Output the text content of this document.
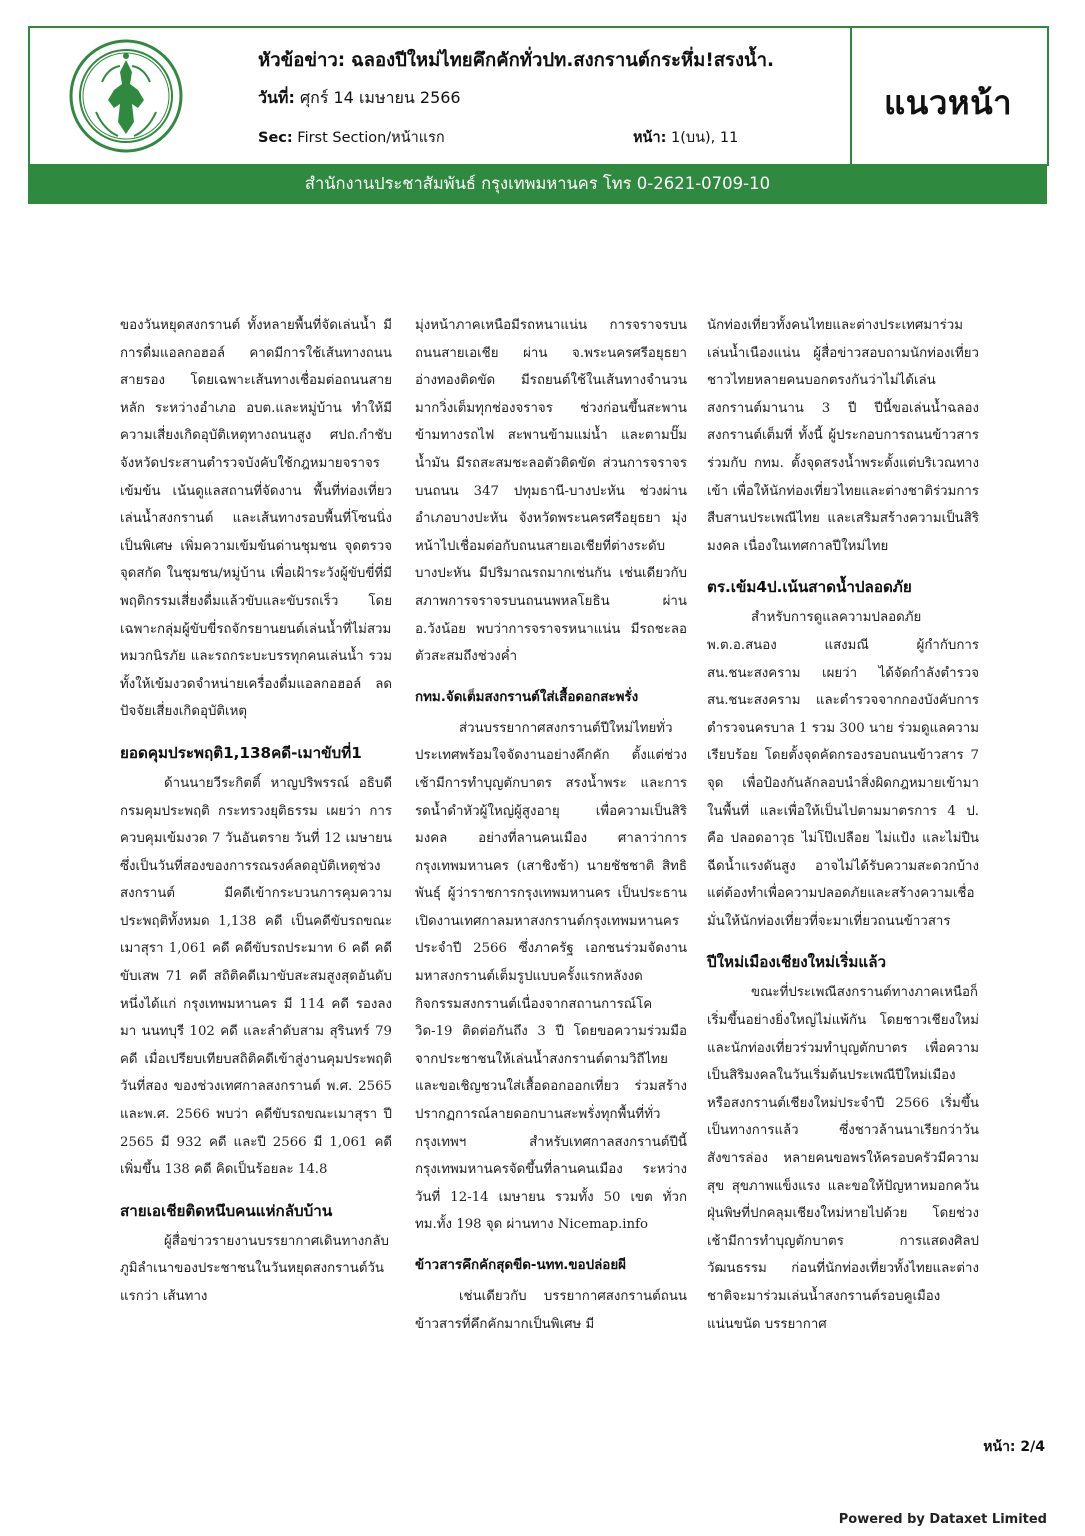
หัวข้อข่าว: ฉลองปีใหม่ไทยคึกคักทั่วปท.สงกรานต์กระหึ่ม!สรงน้ำ.
วันที่: ศุกร์ 14 เมษายน 2566
Sec: First Section/หน้าแรก	หน้า: 1(บน), 11
แนวหน้า
สำนักงานประชาสัมพันธ์ กรุงเทพมหานคร โทร 0-2621-0709-10

ของวันหยุดสงกรานต์ ทั้งหลายพื้นที่จัดเล่นน้ำ มีการดื่มแอลกอฮอล์ คาดมีการใช้เส้นทางถนนสายรอง โดยเฉพาะเส้นทางเชื่อมต่อถนนสายหลัก ระหว่างอำเภอ อบต.และหมู่บ้าน ทำให้มีความเสี่ยงเกิดอุบัติเหตุทางถนนสูง ศปถ.กำชับจังหวัดประสานตำรวจบังคับใช้กฎหมายจราจรเข้มข้น เน้นดูแลสถานที่จัดงาน พื้นที่ท่องเที่ยว เล่นน้ำสงกรานต์ และเส้นทางรอบพื้นที่โซนนิ่งเป็นพิเศษ เพิ่มความเข้มข้นด่านชุมชน จุดตรวจ จุดสกัด ในชุมชน/หมู่บ้าน เพื่อเฝ้าระวังผู้ขับขี่ที่มีพฤติกรรมเสี่ยงดื่มแล้วขับและขับรถเร็ว โดยเฉพาะกลุ่มผู้ขับขี่รถจักรยานยนต์เล่นน้ำที่ไม่สวมหมวกนิรภัย และรถกระบะบรรทุกคนเล่นน้ำ รวมทั้งให้เข้มงวดจำหน่ายเครื่องดื่มแอลกอฮอล์ ลดปัจจัยเสี่ยงเกิดอุบัติเหตุ

ยอดคุมประพฤติ1,138คดี-เมาขับที่1

ด้านนายวีระกิตติ์ หาญปริพรรณ์ อธิบดีกรมคุมประพฤติ กระทรวงยุติธรรม เผยว่า การควบคุมเข้มงวด 7 วันอันตราย วันที่ 12 เมษายน ซึ่งเป็นวันที่สองของการรณรงค์ลดอุบัติเหตุช่วงสงกรานต์ มีคดีเข้ากระบวนการคุมความประพฤติทั้งหมด 1,138 คดี เป็นคดีขับรถขณะเมาสุรา 1,061 คดี คดีขับรถประมาท 6 คดี คดีขับเสพ 71 คดี สถิติคดีเมาขับสะสมสูงสุดอันดับหนึ่งได้แก่ กรุงเทพมหานคร มี 114 คดี รองลงมา นนทบุรี 102 คดี และลำดับสาม สุรินทร์ 79 คดี เมื่อเปรียบเทียบสถิติคดีเข้าสู่งานคุมประพฤติวันที่สอง ของช่วงเทศกาลสงกรานต์ พ.ศ. 2565 และพ.ศ. 2566 พบว่า คดีขับรถขณะเมาสุรา ปี 2565 มี 932 คดี และปี 2566 มี 1,061 คดี เพิ่มขึ้น 138 คดี คิดเป็นร้อยละ 14.8

สายเอเชียติดหนึบคนแห่กลับบ้าน

ผู้สื่อข่าวรายงานบรรยากาศเดินทางกลับภูมิลำเนาของประชาชนในวันหยุดสงกรานต์วันแรกว่า เส้นทาง

มุ่งหน้าภาคเหนือมีรถหนาแน่น การจราจรบนถนนสายเอเชีย ผ่าน จ.พระนครศรีอยุธยา อ่างทองติดขัด มีรถยนต์ใช้ในเส้นทางจำนวนมากวิ่งเต็มทุกช่องจราจร ช่วงก่อนขึ้นสะพานข้ามทางรถไฟ สะพานข้ามแม่น้ำ และตามปั๊มน้ำมัน มีรถสะสมชะลอตัวติดขัด ส่วนการจราจรบนถนน 347 ปทุมธานี-บางปะหัน ช่วงผ่าน อำเภอบางปะหัน จังหวัดพระนครศรีอยุธยา มุ่งหน้าไปเชื่อมต่อกับถนนสายเอเชียที่ต่างระดับบางปะหัน มีปริมาณรถมากเช่นกัน เช่นเดียวกับ สภาพการจราจรบนถนนพหลโยธิน ผ่าน อ.วังน้อย พบว่าการจราจรหนาแน่น มีรถชะลอตัวสะสมถึงช่วงค่ำ

กทม.จัดเต็มสงกรานต์ใส่เสื้อดอกสะพรั่ง

ส่วนบรรยากาศสงกรานต์ปีใหม่ไทยทั่วประเทศพร้อมใจจัดงานอย่างคึกคัก ตั้งแต่ช่วงเช้ามีการทำบุญตักบาตร สรงน้ำพระ และการรดน้ำดำหัวผู้ใหญ่ผู้สูงอายุ เพื่อความเป็นสิริมงคล อย่างที่ลานคนเมือง ศาลาว่าการกรุงเทพมหานคร (เสาชิงช้า) นายชัชชาติ สิทธิพันธุ์ ผู้ว่าราชการกรุงเทพมหานคร เป็นประธานเปิดงานเทศกาลมหาสงกรานต์กรุงเทพมหานคร ประจำปี 2566 ซึ่งภาครัฐ เอกชนร่วมจัดงานมหาสงกรานต์เต็มรูปแบบครั้งแรกหลังงดกิจกรรมสงกรานต์เนื่องจากสถานการณ์โควิด-19 ติดต่อกันถึง 3 ปี โดยขอความร่วมมือจากประชาชนให้เล่นน้ำสงกรานต์ตามวิถีไทย และขอเชิญชวนใส่เสื้อดอกออกเที่ยว ร่วมสร้างปรากฏการณ์ลายดอกบานสะพรั่งทุกพื้นที่ทั่วกรุงเทพฯ สำหรับเทศกาลสงกรานต์ปีนี้กรุงเทพมหานครจัดขึ้นที่ลานคนเมือง ระหว่างวันที่ 12-14 เมษายน รวมทั้ง 50 เขต ทั่วกทม.ทั้ง 198 จุด ผ่านทาง Nicemap.info

ข้าวสารคึกคักสุดขีด-นทท.ขอปล่อยผี

เช่นเดียวกับ บรรยากาศสงกรานต์ถนนข้าวสารที่คึกคักมากเป็นพิเศษ มี

นักท่องเที่ยวทั้งคนไทยและต่างประเทศมาร่วมเล่นน้ำเนืองแน่น ผู้สื่อข่าวสอบถามนักท่องเที่ยวชาวไทยหลายคนบอกตรงกันว่าไม่ได้เล่นสงกรานต์มานาน 3 ปี ปีนี้ขอเล่นน้ำฉลองสงกรานต์เต็มที่ ทั้งนี้ ผู้ประกอบการถนนข้าวสาร ร่วมกับ กทม. ตั้งจุดสรงน้ำพระตั้งแต่บริเวณทางเข้า เพื่อให้นักท่องเที่ยวไทยและต่างชาติร่วมการสืบสานประเพณีไทย และเสริมสร้างความเป็นสิริมงคล เนื่องในเทศกาลปีใหม่ไทย

ตร.เข้ม4ป.เน้นสาดน้ำปลอดภัย

สำหรับการดูแลความปลอดภัย พ.ต.อ.สนอง แสงมณี ผู้กำกับการ สน.ชนะสงคราม เผยว่า ได้จัดกำลังตำรวจ สน.ชนะสงคราม และตำรวจจากกองบังคับการตำรวจนครบาล 1 รวม 300 นาย ร่วมดูแลความเรียบร้อย โดยตั้งจุดคัดกรองรอบถนนข้าวสาร 7 จุด เพื่อป้องกันลักลอบนำสิ่งผิดกฎหมายเข้ามาในพื้นที่ และเพื่อให้เป็นไปตามมาตรการ 4 ป. คือ ปลอดอาวุธ ไม่โป๊เปลือย ไม่แป้ง และไม่ปืนฉีดน้ำแรงดันสูง อาจไม่ได้รับความสะดวกบ้างแต่ต้องทำเพื่อความปลอดภัยและสร้างความเชื่อมั่นให้นักท่องเที่ยวที่จะมาเที่ยวถนนข้าวสาร

ปีใหม่เมืองเชียงใหม่เริ่มแล้ว

ขณะที่ประเพณีสงกรานต์ทางภาคเหนือก็เริ่มขึ้นอย่างยิ่งใหญ่ไม่แพ้กัน โดยชาวเชียงใหม่และนักท่องเที่ยวร่วมทำบุญตักบาตร เพื่อความเป็นสิริมงคลในวันเริ่มต้นประเพณีปีใหม่เมือง หรือสงกรานต์เชียงใหม่ประจำปี 2566 เริ่มขึ้นเป็นทางการแล้ว ซึ่งชาวล้านนาเรียกว่าวันสังขารล่อง หลายคนขอพรให้ครอบครัวมีความสุข สุขภาพแข็งแรง และขอให้ปัญหาหมอกควันฝุ่นพิษที่ปกคลุมเชียงใหม่หายไปด้วย โดยช่วงเช้ามีการทำบุญตักบาตร การแสดงศิลปวัฒนธรรม ก่อนที่นักท่องเที่ยวทั้งไทยและต่างชาติจะมาร่วมเล่นน้ำสงกรานต์รอบคูเมืองแน่นขนัด บรรยากาศ

หน้า: 2/4
Powered by Dataxet Limited
